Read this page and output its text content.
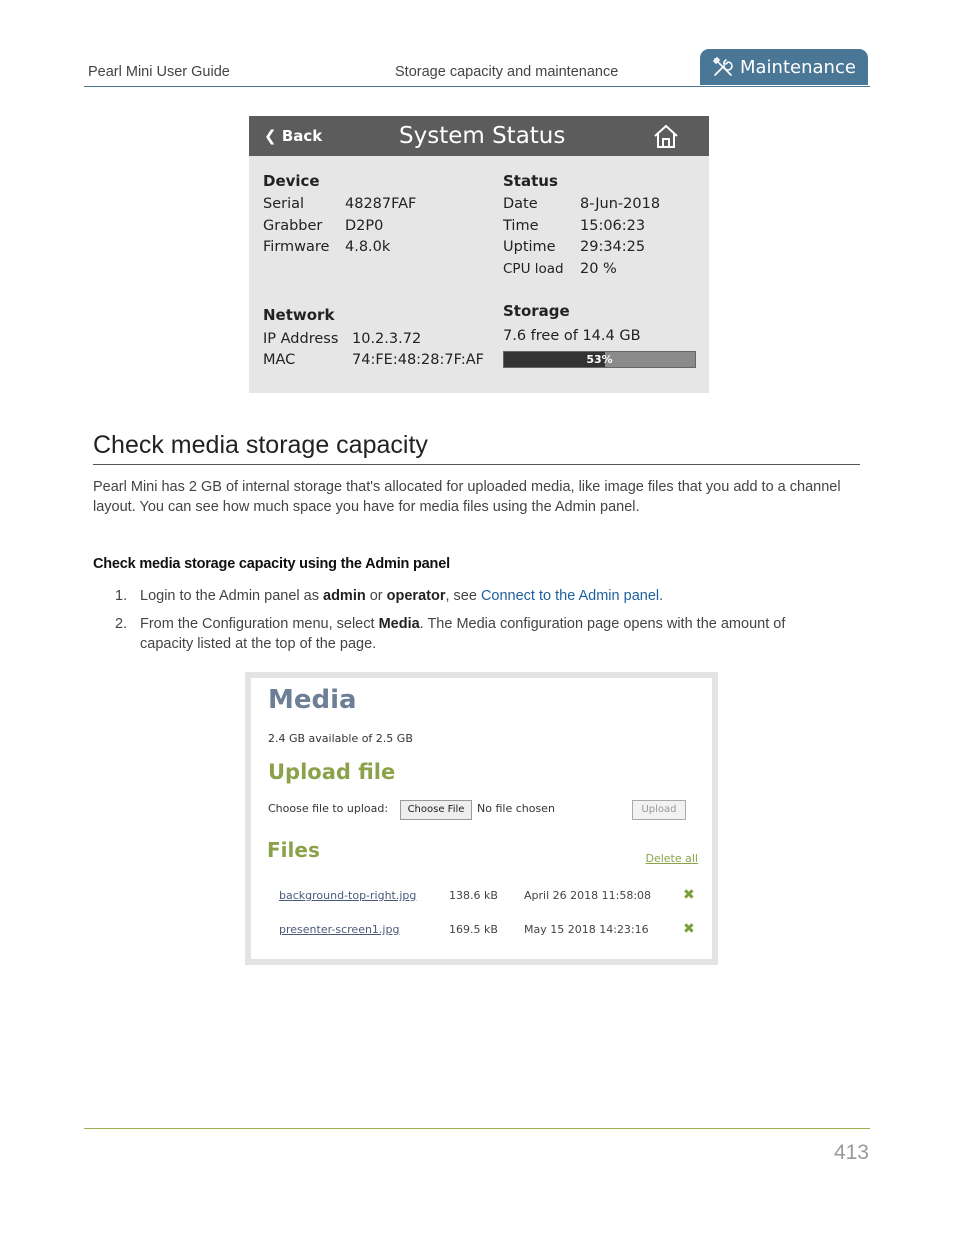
Pearl Mini User Guide	Storage capacity and maintenance	Maintenance
❮ Back	System Status
Device
Serial	48287FAF
Grabber D2P0
Firmware 4.8.0k
Status
Date	8-Jun-2018
Time	15:06:23
Uptime 29:34:25
CPU load 20 %
Network
IP Address 10.2.3.72
MAC	74:FE:48:28:7F:AF
Storage
7.6 free of 14.4 GB
53%
Check media storage capacity
Pearl Mini has 2 GB of internal storage that's allocated for uploaded media, like image files that you add to a channel layout. You can see how much space you have for media files using the Admin panel.
Check media storage capacity using the Admin panel
1. Login to the Admin panel as admin or operator, see Connect to the Admin panel.
2. From the Configuration menu, select Media. The Media configuration page opens with the amount of capacity listed at the top of the page.
Media
2.4 GB available of 2.5 GB
Upload file
Choose file to upload:	Choose File	No file chosen	Upload
Files	Delete all
background-top-right.jpg	138.6 kB April 26 2018 11:58:08 ✖
presenter-screen1.jpg	169.5 kB May 15 2018 14:23:16 ✖
413
